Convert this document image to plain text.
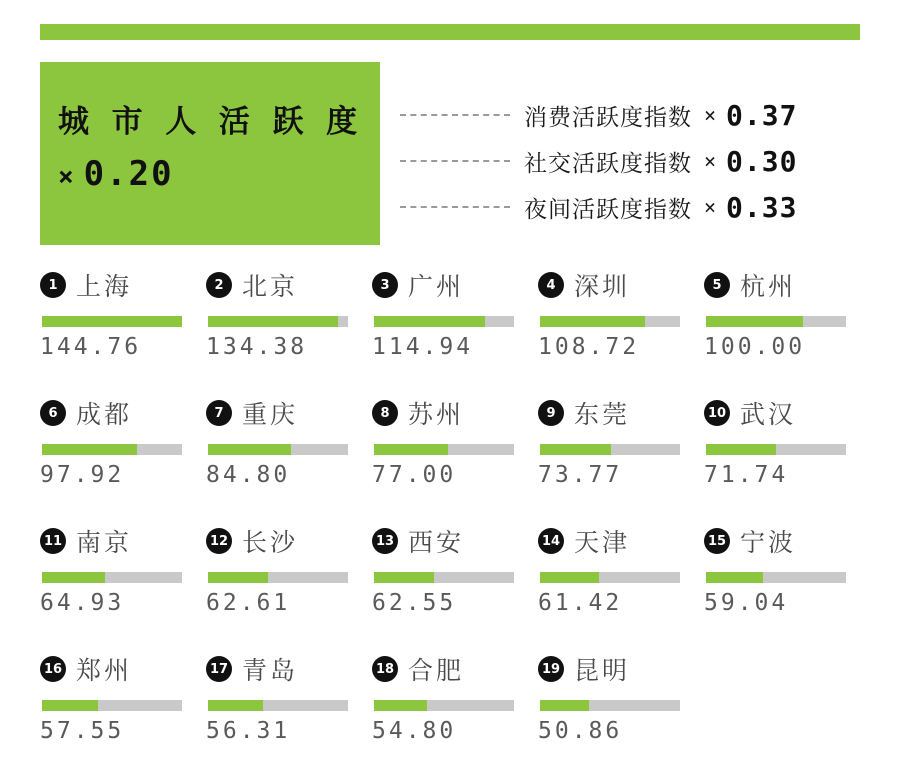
城 市 人 活 跃 度
× 0.20
消费活跃度指数 × 0.37
社交活跃度指数 × 0.30
夜间活跃度指数 × 0.33
1 上海
144.76
2 北京
134.38
3 广州
114.94
4 深圳
108.72
5 杭州
100.00
6 成都
97.92
7 重庆
84.80
8 苏州
77.00
9 东莞
73.77
10 武汉
71.74
11 南京
64.93
12 长沙
62.61
13 西安
62.55
14 天津
61.42
15 宁波
59.04
16 郑州
57.55
17 青岛
56.31
18 合肥
54.80
19 昆明
50.86
